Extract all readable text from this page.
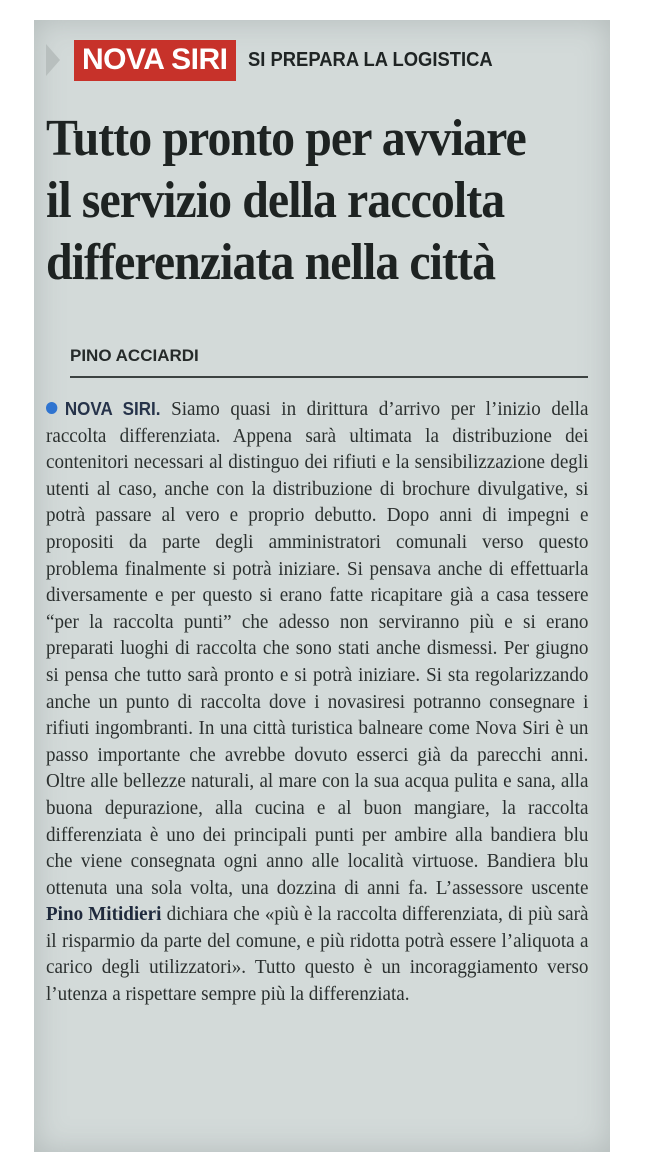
NOVA SIRI	SI PREPARA LA LOGISTICA
Tutto pronto per avviare
il servizio della raccolta
differenziata nella città
PINO ACCIARDI

NOVA SIRI. Siamo quasi in dirittura d’arrivo per l’inizio della raccolta differenziata. Appena sarà ultimata la distribuzione dei contenitori necessari al distinguo dei rifiuti e la sensibilizzazione degli utenti al caso, anche con la distribuzione di brochure divulgative, si potrà passare al vero e proprio debutto. Dopo anni di impegni e propositi da parte degli amministratori comunali verso questo problema finalmente si potrà iniziare. Si pensava anche di effettuarla diversamente e per questo si erano fatte ricapitare già a casa tessere “per la raccolta punti” che adesso non serviranno più e si erano preparati luoghi di raccolta che sono stati anche dismessi. Per giugno si pensa che tutto sarà pronto e si potrà iniziare. Si sta regolarizzando anche un punto di raccolta dove i novasiresi potranno consegnare i rifiuti ingombranti. In una città turistica balneare come Nova Siri è un passo importante che avrebbe dovuto esserci già da parecchi anni. Oltre alle bellezze naturali, al mare con la sua acqua pulita e sana, alla buona depurazione, alla cucina e al buon mangiare, la raccolta differenziata è uno dei principali punti per ambire alla bandiera blu che viene consegnata ogni anno alle località virtuose. Bandiera blu ottenuta una sola volta, una dozzina di anni fa. L’assessore uscente Pino Mitidieri dichiara che «più è la raccolta differenziata, di più sarà il risparmio da parte del comune, e più ridotta potrà essere l’aliquota a carico degli utilizzatori». Tutto questo è un incoraggiamento verso l’utenza a rispettare sempre più la differenziata.
